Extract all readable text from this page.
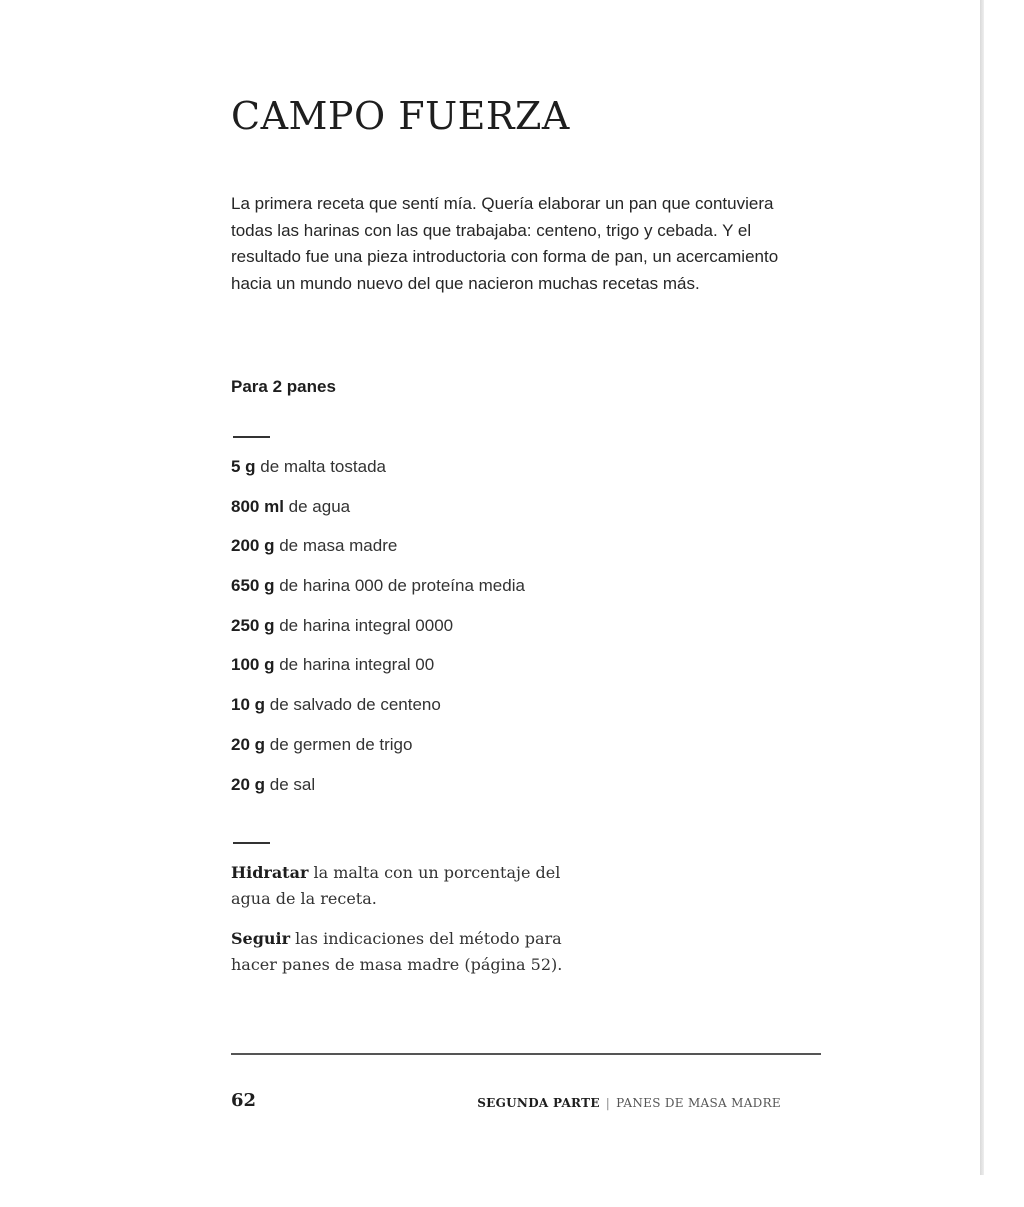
CAMPO FUERZA

La primera receta que sentí mía. Quería elaborar un pan que contuviera todas las harinas con las que trabajaba: centeno, trigo y cebada. Y el resultado fue una pieza introductoria con forma de pan, un acercamiento hacia un mundo nuevo del que nacieron muchas recetas más.

Para 2 panes
5 g de malta tostada
800 ml de agua
200 g de masa madre
650 g de harina 000 de proteína media
250 g de harina integral 0000
100 g de harina integral 00
10 g de salvado de centeno
20 g de germen de trigo
20 g de sal

Hidratar la malta con un porcentaje del agua de la receta.

Seguir las indicaciones del método para hacer panes de masa madre (página 52).

62	SEGUNDA PARTE | PANES DE MASA MADRE
